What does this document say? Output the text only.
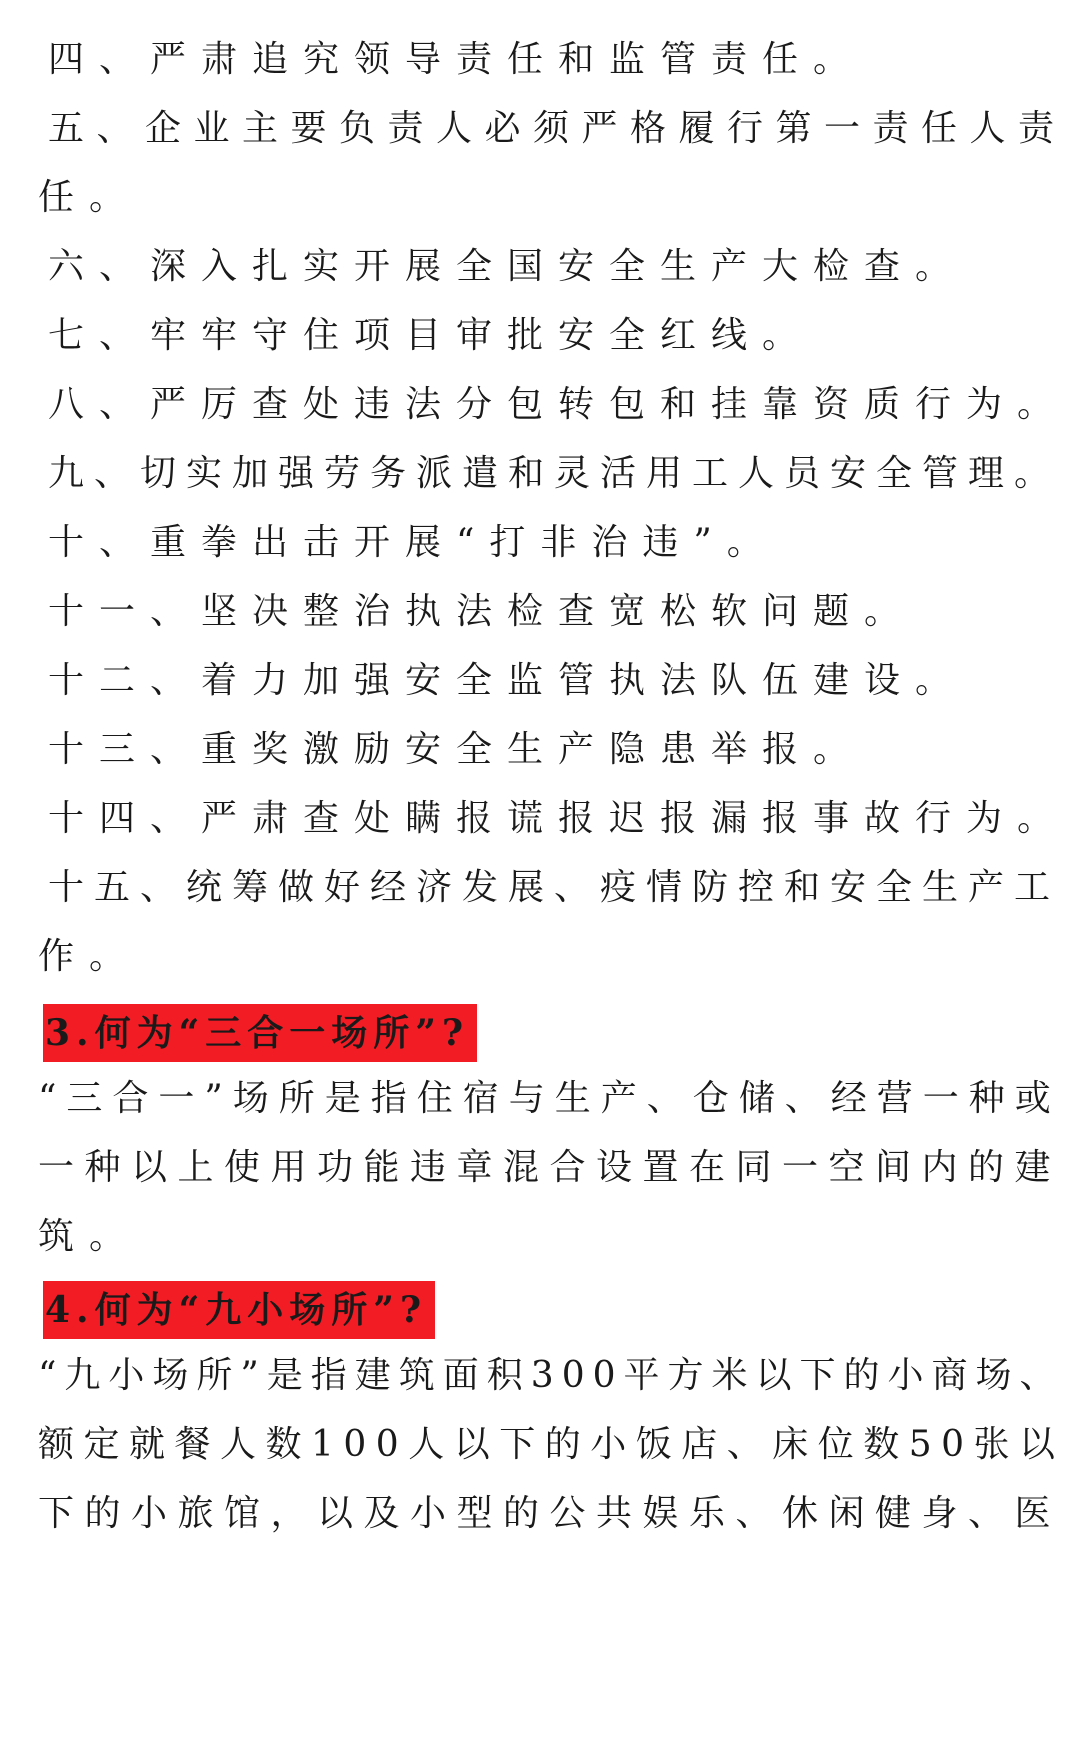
四、严肃追究领导责任和监管责任。
五、企业主要负责人必须严格履行第一责任人责
任。
六、深入扎实开展全国安全生产大检查。
七、牢牢守住项目审批安全红线。
八、严厉查处违法分包转包和挂靠资质行为。
九、切实加强劳务派遣和灵活用工人员安全管理。
十、重拳出击开展“打非治违”。
十一、坚决整治执法检查宽松软问题。
十二、着力加强安全监管执法队伍建设。
十三、重奖激励安全生产隐患举报。
十四、严肃查处瞒报谎报迟报漏报事故行为。
十五、统筹做好经济发展、疫情防控和安全生产工
作。
3.何为“三合一场所”?
“三合一”场所是指住宿与生产、仓储、经营一种或
一种以上使用功能违章混合设置在同一空间内的建
筑。
4.何为“九小场所”?
“九小场所”是指建筑面积300平方米以下的小商场、
额定就餐人数100人以下的小饭店、床位数50张以
下的小旅馆，以及小型的公共娱乐、休闲健身、医
